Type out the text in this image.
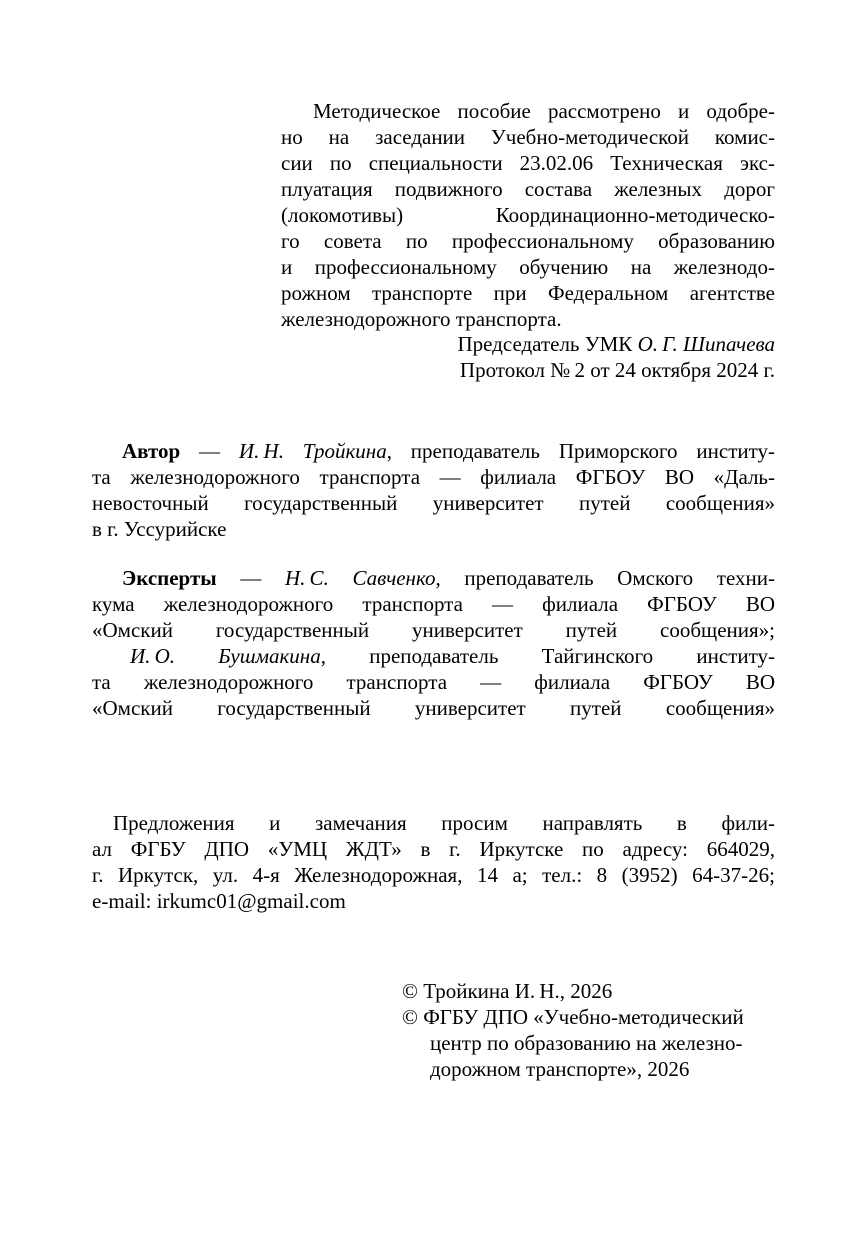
Методическое пособие рассмотрено и одобре-
но на заседании Учебно-методической комис-
сии по специальности 23.02.06 Техническая экс-
плуатация подвижного состава железных дорог
(локомотивы) Координационно-методическо-
го совета по профессиональному образованию
и профессиональному обучению на железнодо-
рожном транспорте при Федеральном агентстве
железнодорожного транспорта.
Председатель УМК О. Г. Шипачева
Протокол № 2 от 24 октября 2024 г.
Автор — И. Н. Тройкина, преподаватель Приморского институ-
та железнодорожного транспорта — филиала ФГБОУ ВО «Даль-
невосточный государственный университет путей сообщения»
в г. Уссурийске
Эксперты — Н. С. Савченко, преподаватель Омского техни-
кума железнодорожного транспорта — филиала ФГБОУ ВО
«Омский государственный университет путей сообщения»;
И. О. Бушмакина, преподаватель Тайгинского институ-
та железнодорожного транспорта — филиала ФГБОУ ВО
«Омский государственный университет путей сообщения»
Предложения и замечания просим направлять в фили-
ал ФГБУ ДПО «УМЦ ЖДТ» в г. Иркутске по адресу: 664029,
г. Иркутск, ул. 4-я Железнодорожная, 14 а; тел.: 8 (3952) 64-37-26;
e-mail: irkumc01@gmail.com
© Тройкина И. Н., 2026
© ФГБУ ДПО «Учебно-методический
центр по образованию на железно-
дорожном транспорте», 2026
